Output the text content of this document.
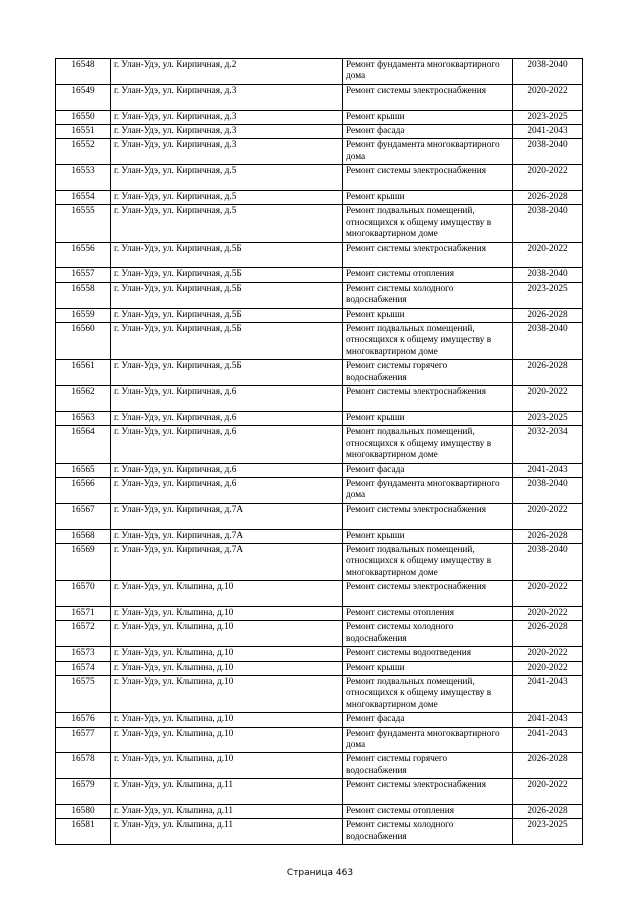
16548	г. Улан-Удэ, ул. Кирпичная, д.2	Ремонт фундамента многоквартирного дома	2038-2040
16549	г. Улан-Удэ, ул. Кирпичная, д.3	Ремонт системы электроснабжения	2020-2022
16550	г. Улан-Удэ, ул. Кирпичная, д.3	Ремонт крыши	2023-2025
16551	г. Улан-Удэ, ул. Кирпичная, д.3	Ремонт фасада	2041-2043
16552	г. Улан-Удэ, ул. Кирпичная, д.3	Ремонт фундамента многоквартирного дома	2038-2040
16553	г. Улан-Удэ, ул. Кирпичная, д.5	Ремонт системы электроснабжения	2020-2022
16554	г. Улан-Удэ, ул. Кирпичная, д.5	Ремонт крыши	2026-2028
16555	г. Улан-Удэ, ул. Кирпичная, д.5	Ремонт подвальных помещений, относящихся к общему имуществу в многоквартирном доме	2038-2040
16556	г. Улан-Удэ, ул. Кирпичная, д.5Б	Ремонт системы электроснабжения	2020-2022
16557	г. Улан-Удэ, ул. Кирпичная, д.5Б	Ремонт системы отопления	2038-2040
16558	г. Улан-Удэ, ул. Кирпичная, д.5Б	Ремонт системы холодного водоснабжения	2023-2025
16559	г. Улан-Удэ, ул. Кирпичная, д.5Б	Ремонт крыши	2026-2028
16560	г. Улан-Удэ, ул. Кирпичная, д.5Б	Ремонт подвальных помещений, относящихся к общему имуществу в многоквартирном доме	2038-2040
16561	г. Улан-Удэ, ул. Кирпичная, д.5Б	Ремонт системы горячего водоснабжения	2026-2028
16562	г. Улан-Удэ, ул. Кирпичная, д.6	Ремонт системы электроснабжения	2020-2022
16563	г. Улан-Удэ, ул. Кирпичная, д.6	Ремонт крыши	2023-2025
16564	г. Улан-Удэ, ул. Кирпичная, д.6	Ремонт подвальных помещений, относящихся к общему имуществу в многоквартирном доме	2032-2034
16565	г. Улан-Удэ, ул. Кирпичная, д.6	Ремонт фасада	2041-2043
16566	г. Улан-Удэ, ул. Кирпичная, д.6	Ремонт фундамента многоквартирного дома	2038-2040
16567	г. Улан-Удэ, ул. Кирпичная, д.7А	Ремонт системы электроснабжения	2020-2022
16568	г. Улан-Удэ, ул. Кирпичная, д.7А	Ремонт крыши	2026-2028
16569	г. Улан-Удэ, ул. Кирпичная, д.7А	Ремонт подвальных помещений, относящихся к общему имуществу в многоквартирном доме	2038-2040
16570	г. Улан-Удэ, ул. Клыпина, д.10	Ремонт системы электроснабжения	2020-2022
16571	г. Улан-Удэ, ул. Клыпина, д.10	Ремонт системы отопления	2020-2022
16572	г. Улан-Удэ, ул. Клыпина, д.10	Ремонт системы холодного водоснабжения	2026-2028
16573	г. Улан-Удэ, ул. Клыпина, д.10	Ремонт системы водоотведения	2020-2022
16574	г. Улан-Удэ, ул. Клыпина, д.10	Ремонт крыши	2020-2022
16575	г. Улан-Удэ, ул. Клыпина, д.10	Ремонт подвальных помещений, относящихся к общему имуществу в многоквартирном доме	2041-2043
16576	г. Улан-Удэ, ул. Клыпина, д.10	Ремонт фасада	2041-2043
16577	г. Улан-Удэ, ул. Клыпина, д.10	Ремонт фундамента многоквартирного дома	2041-2043
16578	г. Улан-Удэ, ул. Клыпина, д.10	Ремонт системы горячего водоснабжения	2026-2028
16579	г. Улан-Удэ, ул. Клыпина, д.11	Ремонт системы электроснабжения	2020-2022
16580	г. Улан-Удэ, ул. Клыпина, д.11	Ремонт системы отопления	2026-2028
16581	г. Улан-Удэ, ул. Клыпина, д.11	Ремонт системы холодного водоснабжения	2023-2025
Страница 463
